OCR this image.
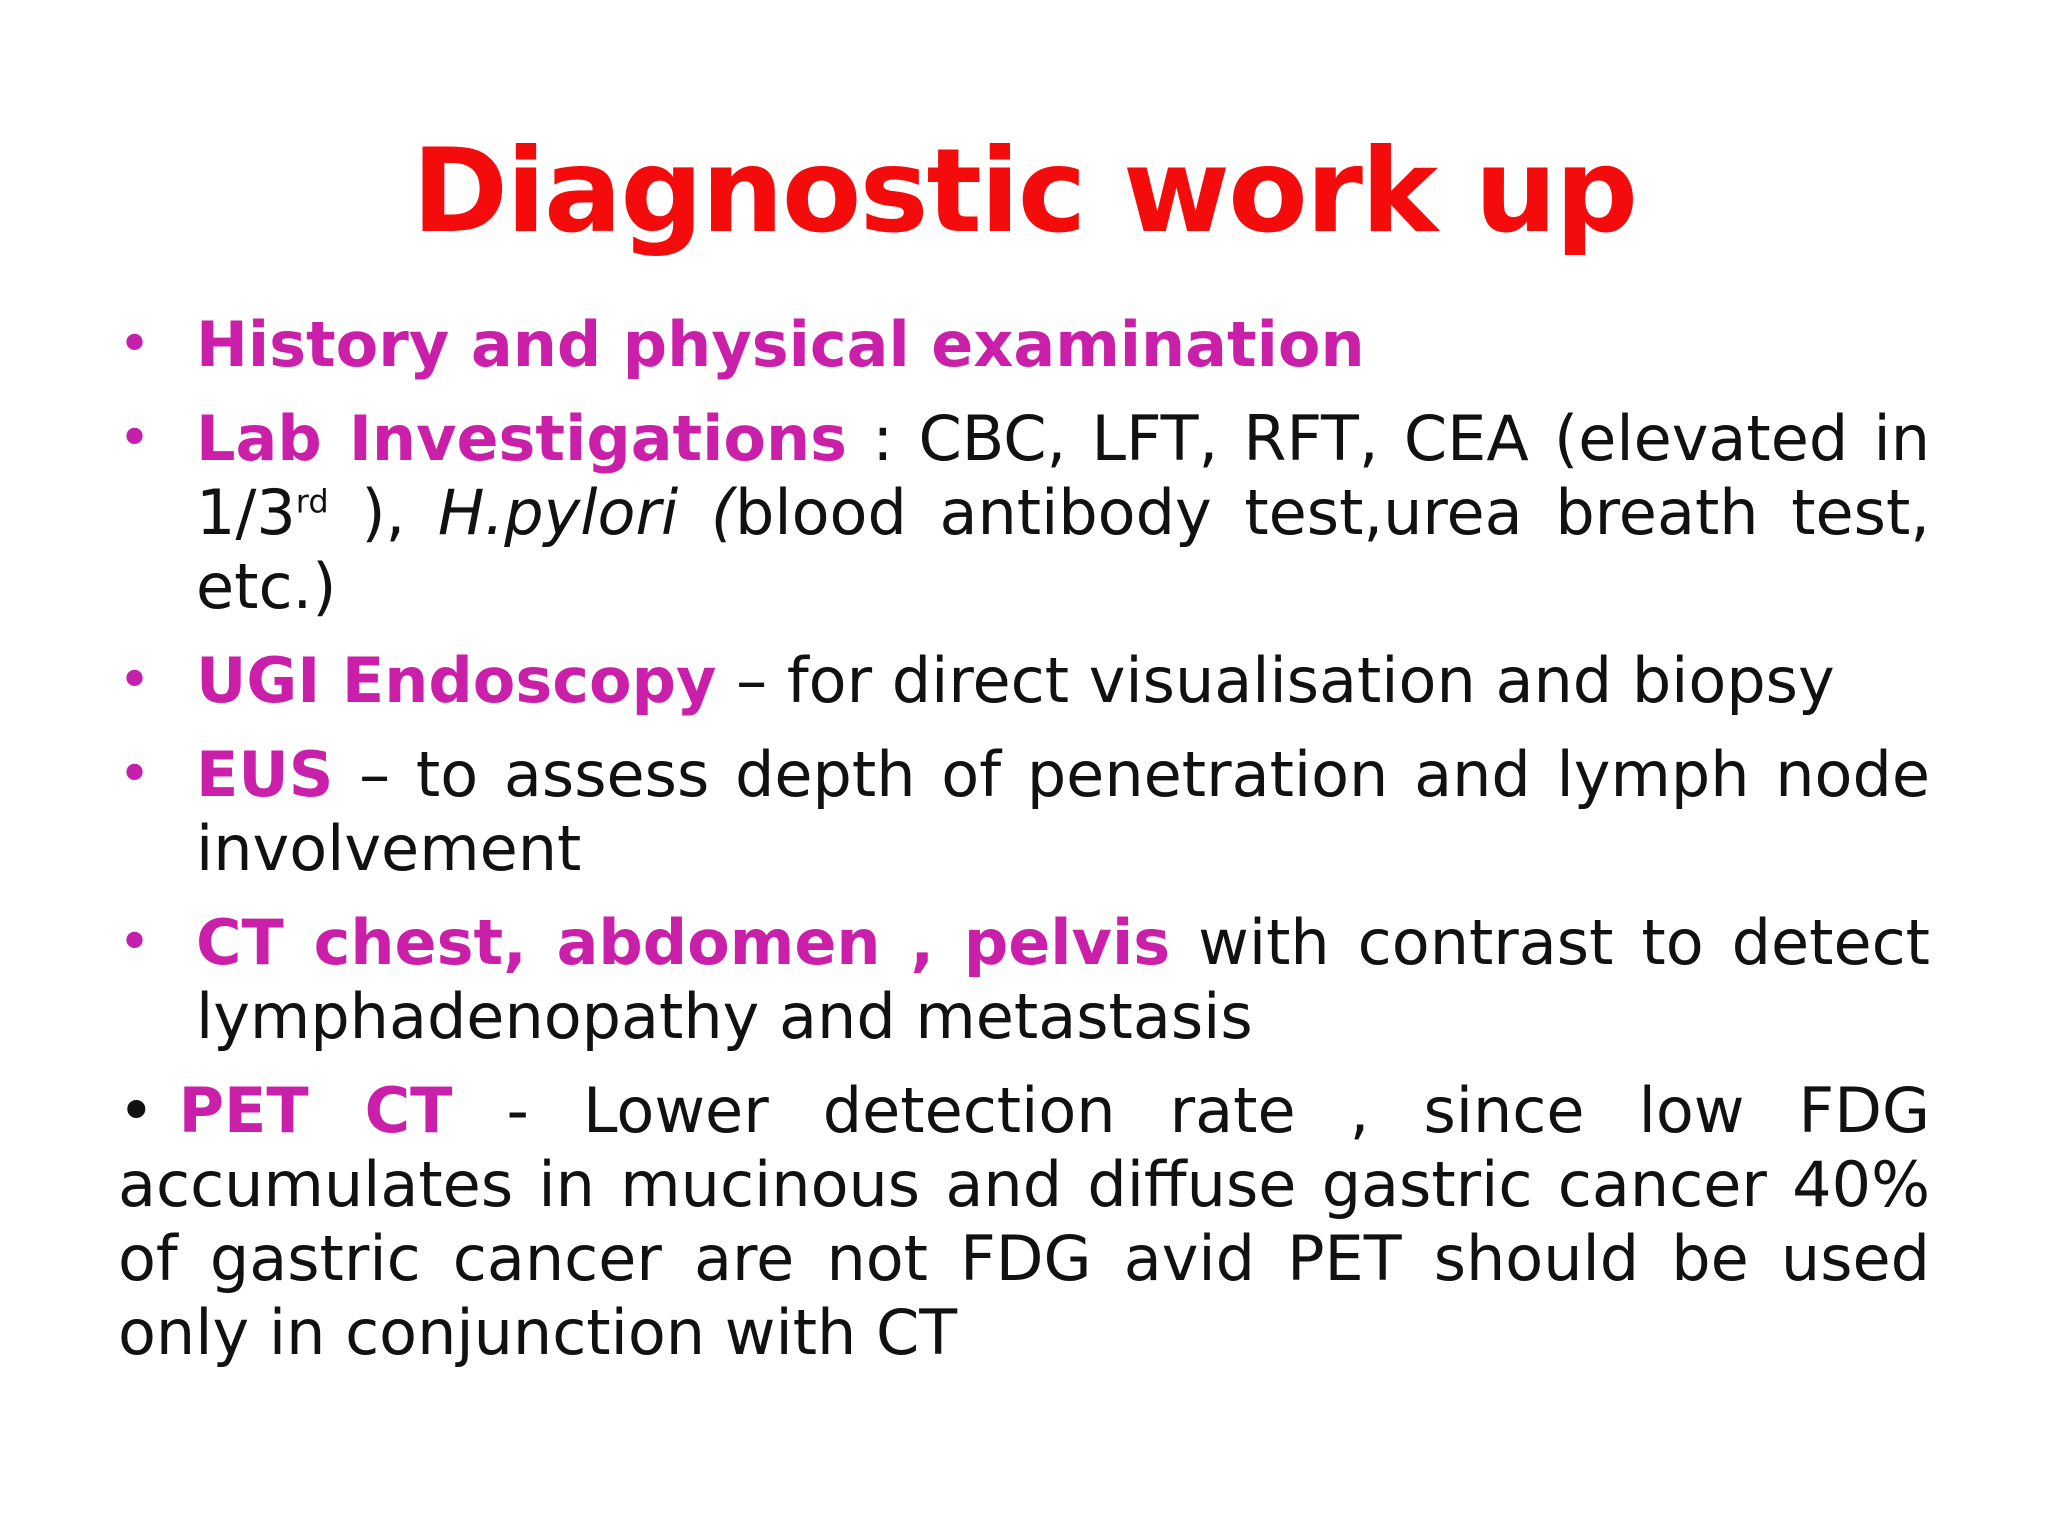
Diagnostic work up
• History and physical examination
• Lab Investigations : CBC, LFT, RFT, CEA (elevated in 1/3rd ), H.pylori (blood antibody test,urea breath test, etc.)
• UGI Endoscopy – for direct visualisation and biopsy
• EUS – to assess depth of penetration and lymph node involvement
• CT chest, abdomen , pelvis with contrast to detect lymphadenopathy and metastasis
• PET CT - Lower detection rate , since low FDG accumulates in mucinous and diffuse gastric cancer 40% of gastric cancer are not FDG avid PET should be used only in conjunction with CT
